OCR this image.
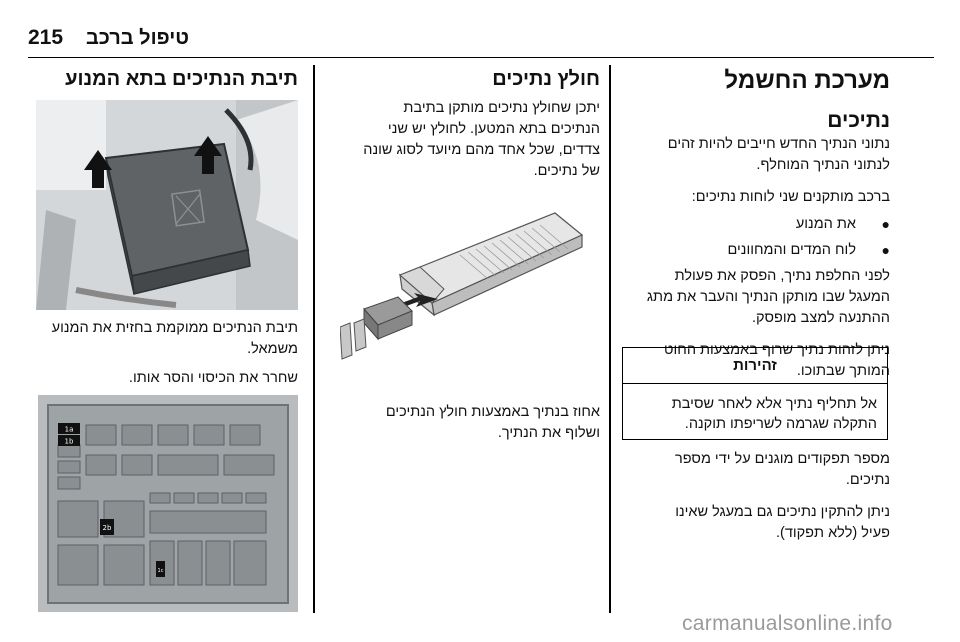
215 טיפול ברכב
מערכת החשמל
נתיכים
נתוני הנתיך החדש חייבים להיות זהים
לנתוני הנתיך המוחלף.
ברכב מותקנים שני לוחות נתיכים:
●
את המנוע
●
לוח המדים והמחוונים
לפני החלפת נתיך, הפסק את פעולת
המעגל שבו מותקן הנתיך והעבר את מתג
ההתנעה למצב מופסק.
ניתן לזהות נתיך שרוף באמצעות החוט
המותך שבתוכו.
זהירות
אל תחליף נתיך אלא לאחר שסיבת
התקלה שגרמה לשריפתו תוקנה.
מספר תפקודים מוגנים על ידי מספר
נתיכים.
ניתן להתקין נתיכים גם במעגל שאינו
פעיל (ללא תפקוד).
חולץ נתיכים
יתכן שחולץ נתיכים מותקן בתיבת
הנתיכים בתא המטען. לחולץ יש שני
צדדים, שכל אחד מהם מיועד לסוג שונה
של נתיכים.
אחוז בנתיך באמצעות חולץ הנתיכים
ושלוף את הנתיך.
תיבת הנתיכים בתא המנוע
תיבת הנתיכים ממוקמת בחזית את המנוע
משמאל.
שחרר את הכיסוי והסר אותו.
1a
1b
2b
1c
carmanualsonline.info
